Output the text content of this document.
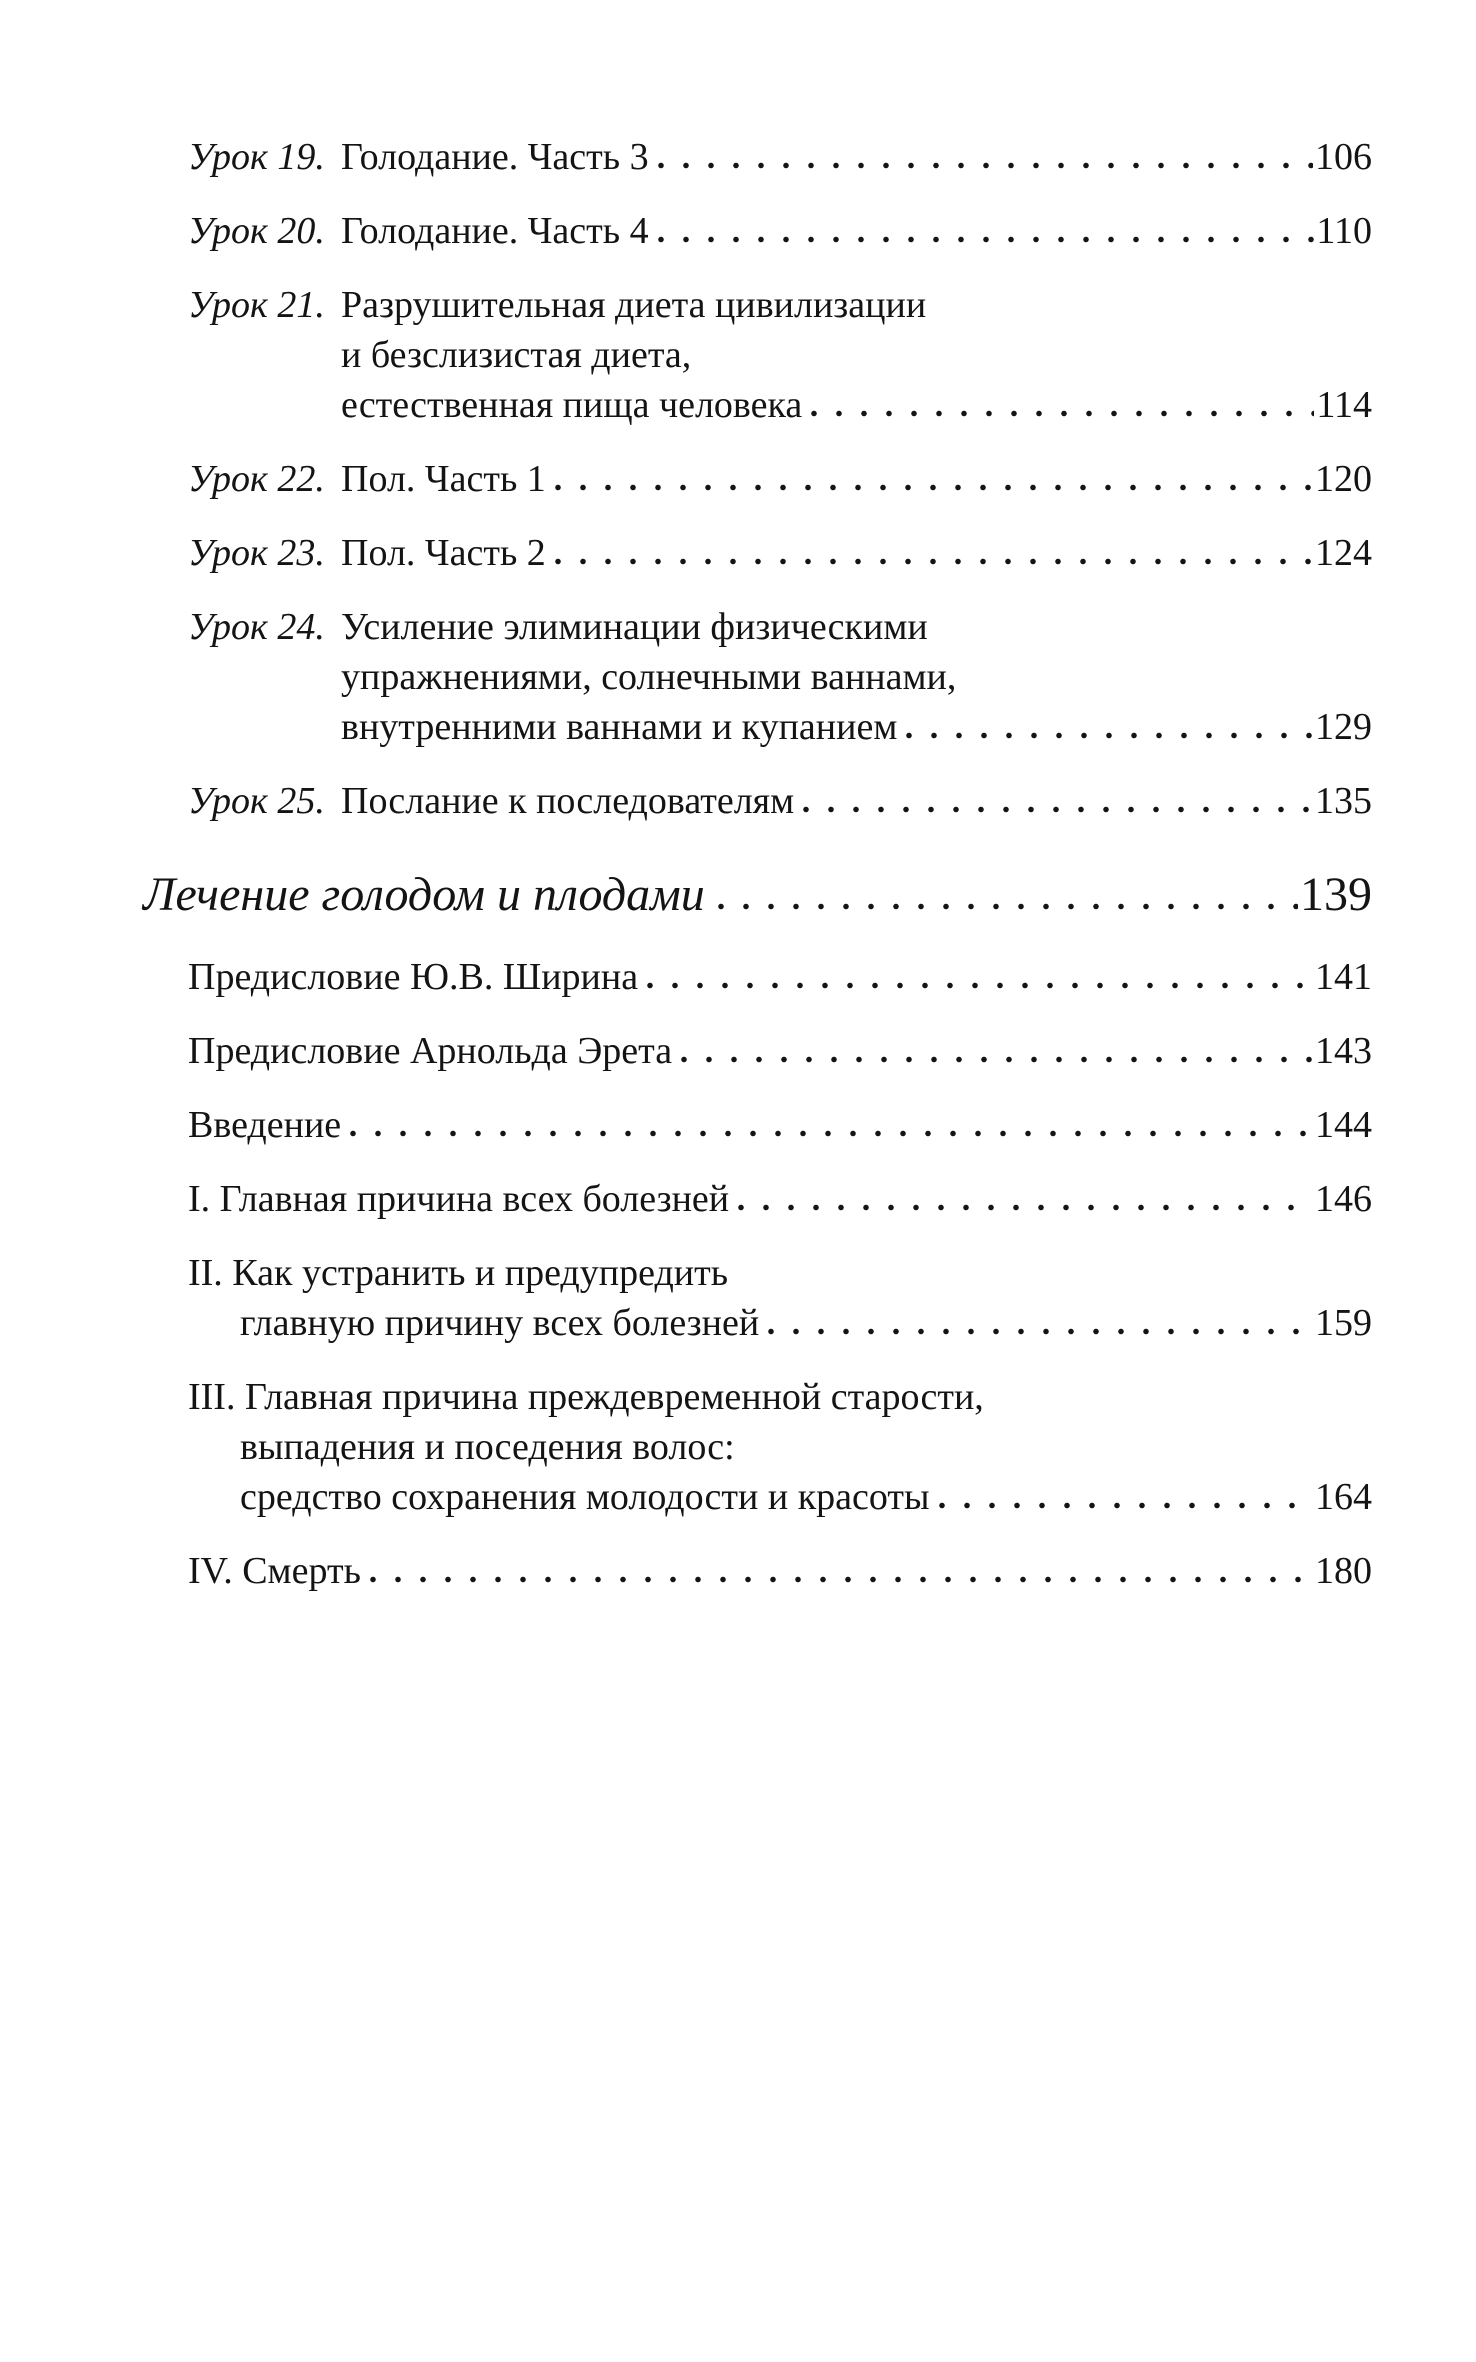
Урок 19. Голодание. Часть 3	106
Урок 20. Голодание. Часть 4	110
Урок 21. Разрушительная диета цивилизации
и безслизистая диета,
естественная пища человека	114
Урок 22. Пол. Часть 1	120
Урок 23. Пол. Часть 2	124
Урок 24. Усиление элиминации физическими
упражнениями, солнечными ваннами,
внутренними ваннами и купанием	129
Урок 25. Послание к последователям	135
Лечение голодом и плодами	139
Предисловие Ю.В. Ширина	141
Предисловие Арнольда Эрета	143
Введение	144
I. Главная причина всех болезней	146
II. Как устранить и предупредить
главную причину всех болезней	159
III. Главная причина преждевременной старости,
выпадения и поседения волос:
средство сохранения молодости и красоты	164
IV. Смерть	180
